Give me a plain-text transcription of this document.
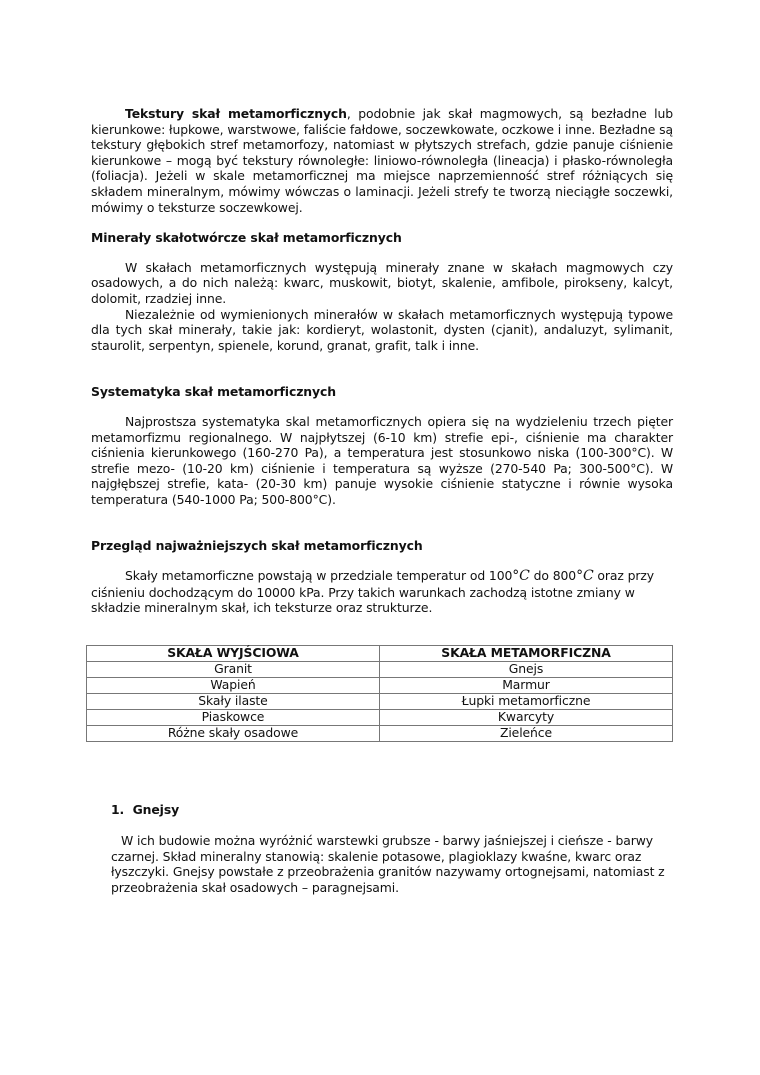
Tekstury skał metamorficznych, podobnie jak skał magmowych, są bezładne lub kierunkowe: łupkowe, warstwowe, faliście fałdowe, soczewkowate, oczkowe i inne. Bezładne są tekstury głębokich stref metamorfozy, natomiast w płytszych strefach, gdzie panuje ciśnienie kierunkowe – mogą być tekstury równoległe: liniowo-równoległa (lineacja) i płasko-równoległa (foliacja). Jeżeli w skale metamorficznej ma miejsce naprzemienność stref różniących się składem mineralnym, mówimy wówczas o laminacji. Jeżeli strefy te tworzą nieciągłe soczewki, mówimy o teksturze soczewkowej.

Minerały skałotwórcze skał metamorficznych

W skałach metamorficznych występują minerały znane w skałach magmowych czy osadowych, a do nich należą: kwarc, muskowit, biotyt, skalenie, amfibole, pirokseny, kalcyt, dolomit, rzadziej inne.

Niezależnie od wymienionych minerałów w skałach metamorficznych występują typowe dla tych skał minerały, takie jak: kordieryt, wolastonit, dysten (cjanit), andaluzyt, sylimanit, staurolit, serpentyn, spienele, korund, granat, grafit, talk i inne.

Systematyka skał metamorficznych

Najprostsza systematyka skal metamorficznych opiera się na wydzieleniu trzech pięter metamorfizmu regionalnego. W najpłytszej (6-10 km) strefie epi-, ciśnienie ma charakter ciśnienia kierunkowego (160-270 Pa), a temperatura jest stosunkowo niska (100-300°C). W strefie mezo- (10-20 km) ciśnienie i temperatura są wyższe (270-540 Pa; 300-500°C). W najgłębszej strefie, kata- (20-30 km) panuje wysokie ciśnienie statyczne i równie wysoka temperatura (540-1000 Pa; 500-800°C).

Przegląd najważniejszych skał metamorficznych

Skały metamorficzne powstają w przedziale temperatur od 100°C do 800°C oraz przy ciśnieniu dochodzącym do 10000 kPa. Przy takich warunkach zachodzą istotne zmiany w składzie mineralnym skał, ich teksturze oraz strukturze.

SKAŁA WYJŚCIOWA	SKAŁA METAMORFICZNA
Granit	Gnejs
Wapień	Marmur
Skały ilaste	Łupki metamorficzne
Piaskowce	Kwarcyty
Różne skały osadowe	Zieleńce

1. Gnejsy

W ich budowie można wyróżnić warstewki grubsze - barwy jaśniejszej i cieńsze - barwy czarnej. Skład mineralny stanowią: skalenie potasowe, plagioklazy kwaśne, kwarc oraz łyszczyki. Gnejsy powstałe z przeobrażenia granitów nazywamy ortognejsami, natomiast z przeobrażenia skał osadowych – paragnejsami.
